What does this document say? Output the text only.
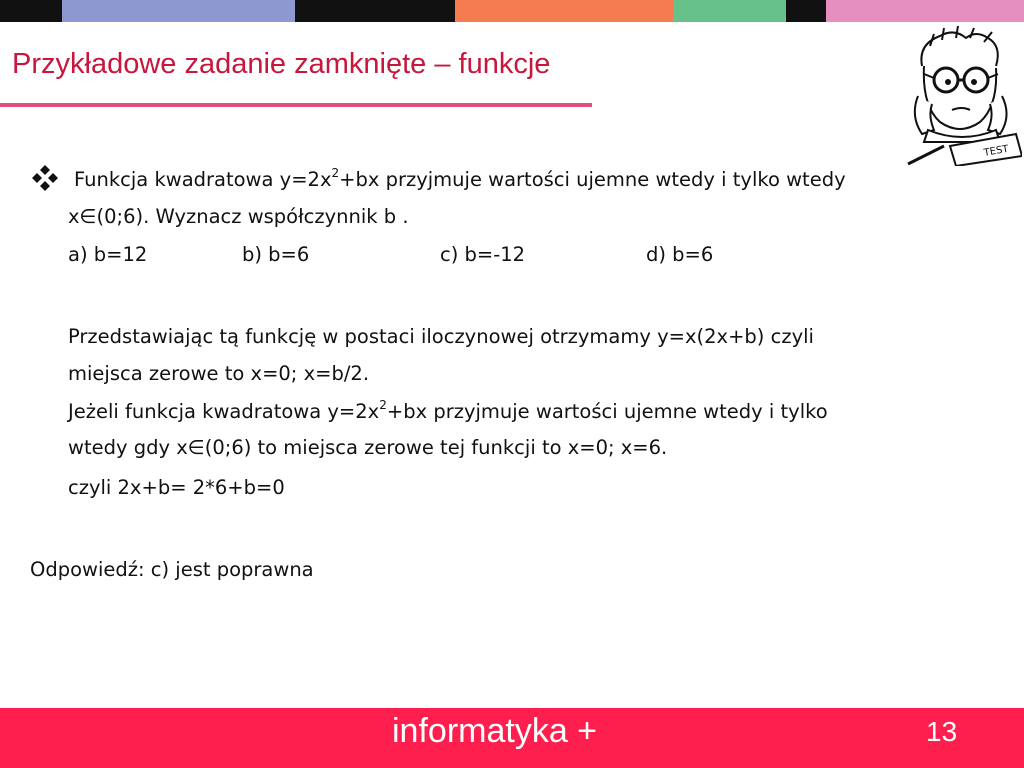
Przykładowe zadanie zamknięte – funkcje
TEST
Funkcja kwadratowa $y=2x^2+bx$ przyjmuje wartości ujemne wtedy i tylko wtedy
x∈(0;6). Wyznacz współczynnik b .
a) b=12	b) b=6	c) b=-12	d) b=6
Przedstawiając tą funkcję w postaci iloczynowej otrzymamy y=x(2x+b) czyli
miejsca zerowe to x=0; x=b/2.
Jeżeli funkcja kwadratowa $y=2x^2+bx$ przyjmuje wartości ujemne wtedy i tylko
wtedy gdy x∈(0;6) to miejsca zerowe tej funkcji to x=0; x=6.
czyli 2x+b= 2*6+b=0
Odpowiedź: c) jest poprawna
informatyka +	13
